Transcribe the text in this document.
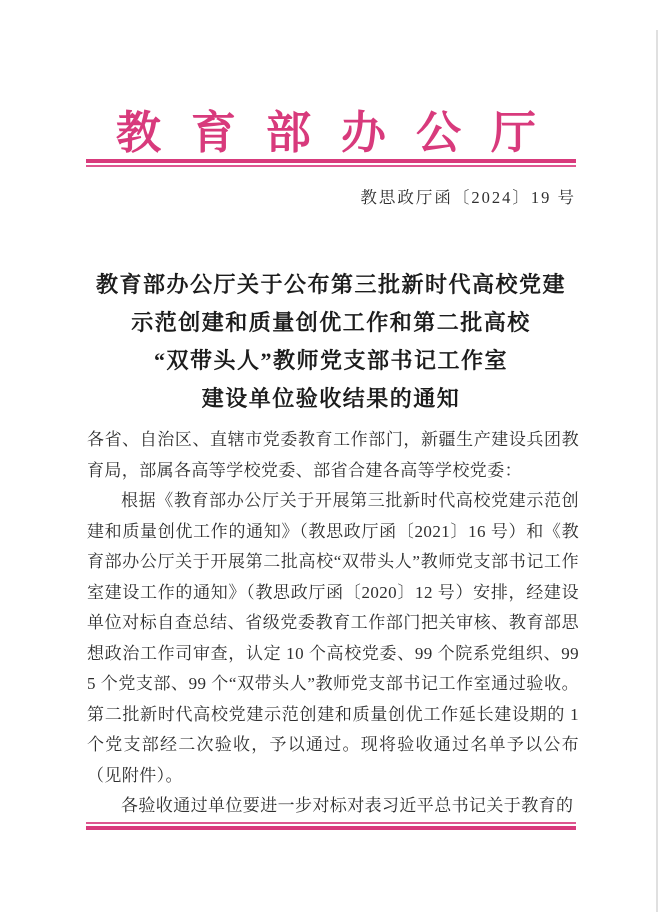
教育部办公厅
教思政厅函〔2024〕19 号
教育部办公厅关于公布第三批新时代高校党建
示范创建和质量创优工作和第二批高校
“双带头人”教师党支部书记工作室
建设单位验收结果的通知

各省、自治区、直辖市党委教育工作部门，新疆生产建设兵团教育局，部属各高等学校党委、部省合建各高等学校党委：

根据《教育部办公厅关于开展第三批新时代高校党建示范创建和质量创优工作的通知》（教思政厅函〔2021〕16 号）和《教育部办公厅关于开展第二批高校“双带头人”教师党支部书记工作室建设工作的通知》（教思政厅函〔2020〕12 号）安排，经建设单位对标自查总结、省级党委教育工作部门把关审核、教育部思想政治工作司审查，认定 10 个高校党委、99 个院系党组织、995 个党支部、99 个“双带头人”教师党支部书记工作室通过验收。第二批新时代高校党建示范创建和质量创优工作延长建设期的 1 个党支部经二次验收，予以通过。现将验收通过名单予以公布（见附件）。

各验收通过单位要进一步对标对表习近平总书记关于教育的
